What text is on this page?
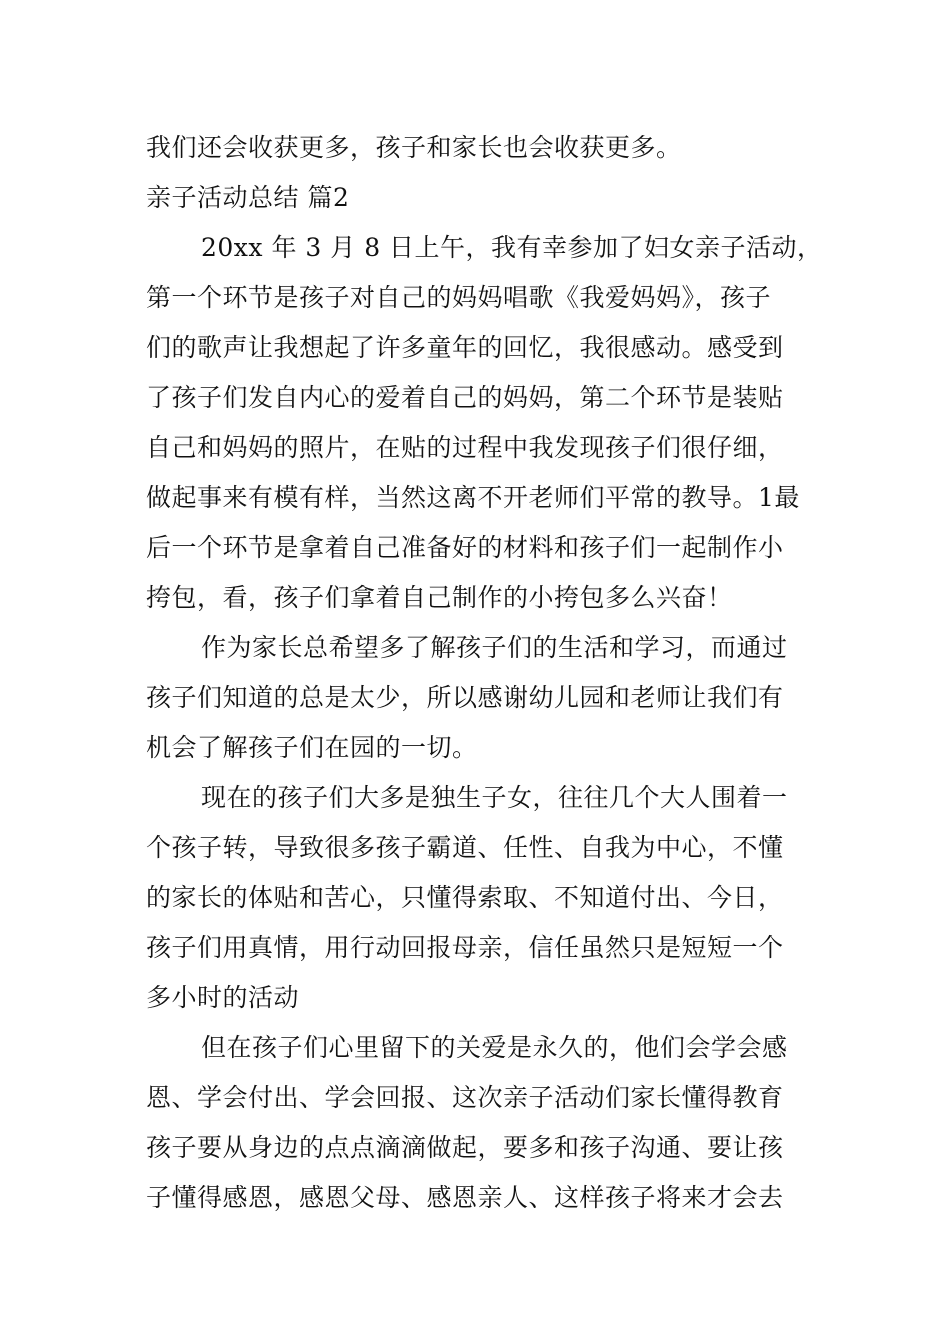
我们还会收获更多，孩子和家长也会收获更多。
亲子活动总结 篇2
20xx 年 3 月 8 日上午，我有幸参加了妇女亲子活动，
第一个环节是孩子对自己的妈妈唱歌《我爱妈妈》，孩子
们的歌声让我想起了许多童年的回忆，我很感动。感受到
了孩子们发自内心的爱着自己的妈妈，第二个环节是装贴
自己和妈妈的照片，在贴的过程中我发现孩子们很仔细，
做起事来有模有样，当然这离不开老师们平常的教导。1最
后一个环节是拿着自己准备好的材料和孩子们一起制作小
挎包，看，孩子们拿着自己制作的小挎包多么兴奋！
作为家长总希望多了解孩子们的生活和学习，而通过
孩子们知道的总是太少，所以感谢幼儿园和老师让我们有
机会了解孩子们在园的一切。
现在的孩子们大多是独生子女，往往几个大人围着一
个孩子转，导致很多孩子霸道、任性、自我为中心，不懂
的家长的体贴和苦心，只懂得索取、不知道付出、今日，
孩子们用真情，用行动回报母亲，信任虽然只是短短一个
多小时的活动
但在孩子们心里留下的关爱是永久的，他们会学会感
恩、学会付出、学会回报、这次亲子活动们家长懂得教育
孩子要从身边的点点滴滴做起，要多和孩子沟通、要让孩
子懂得感恩，感恩父母、感恩亲人、这样孩子将来才会去
